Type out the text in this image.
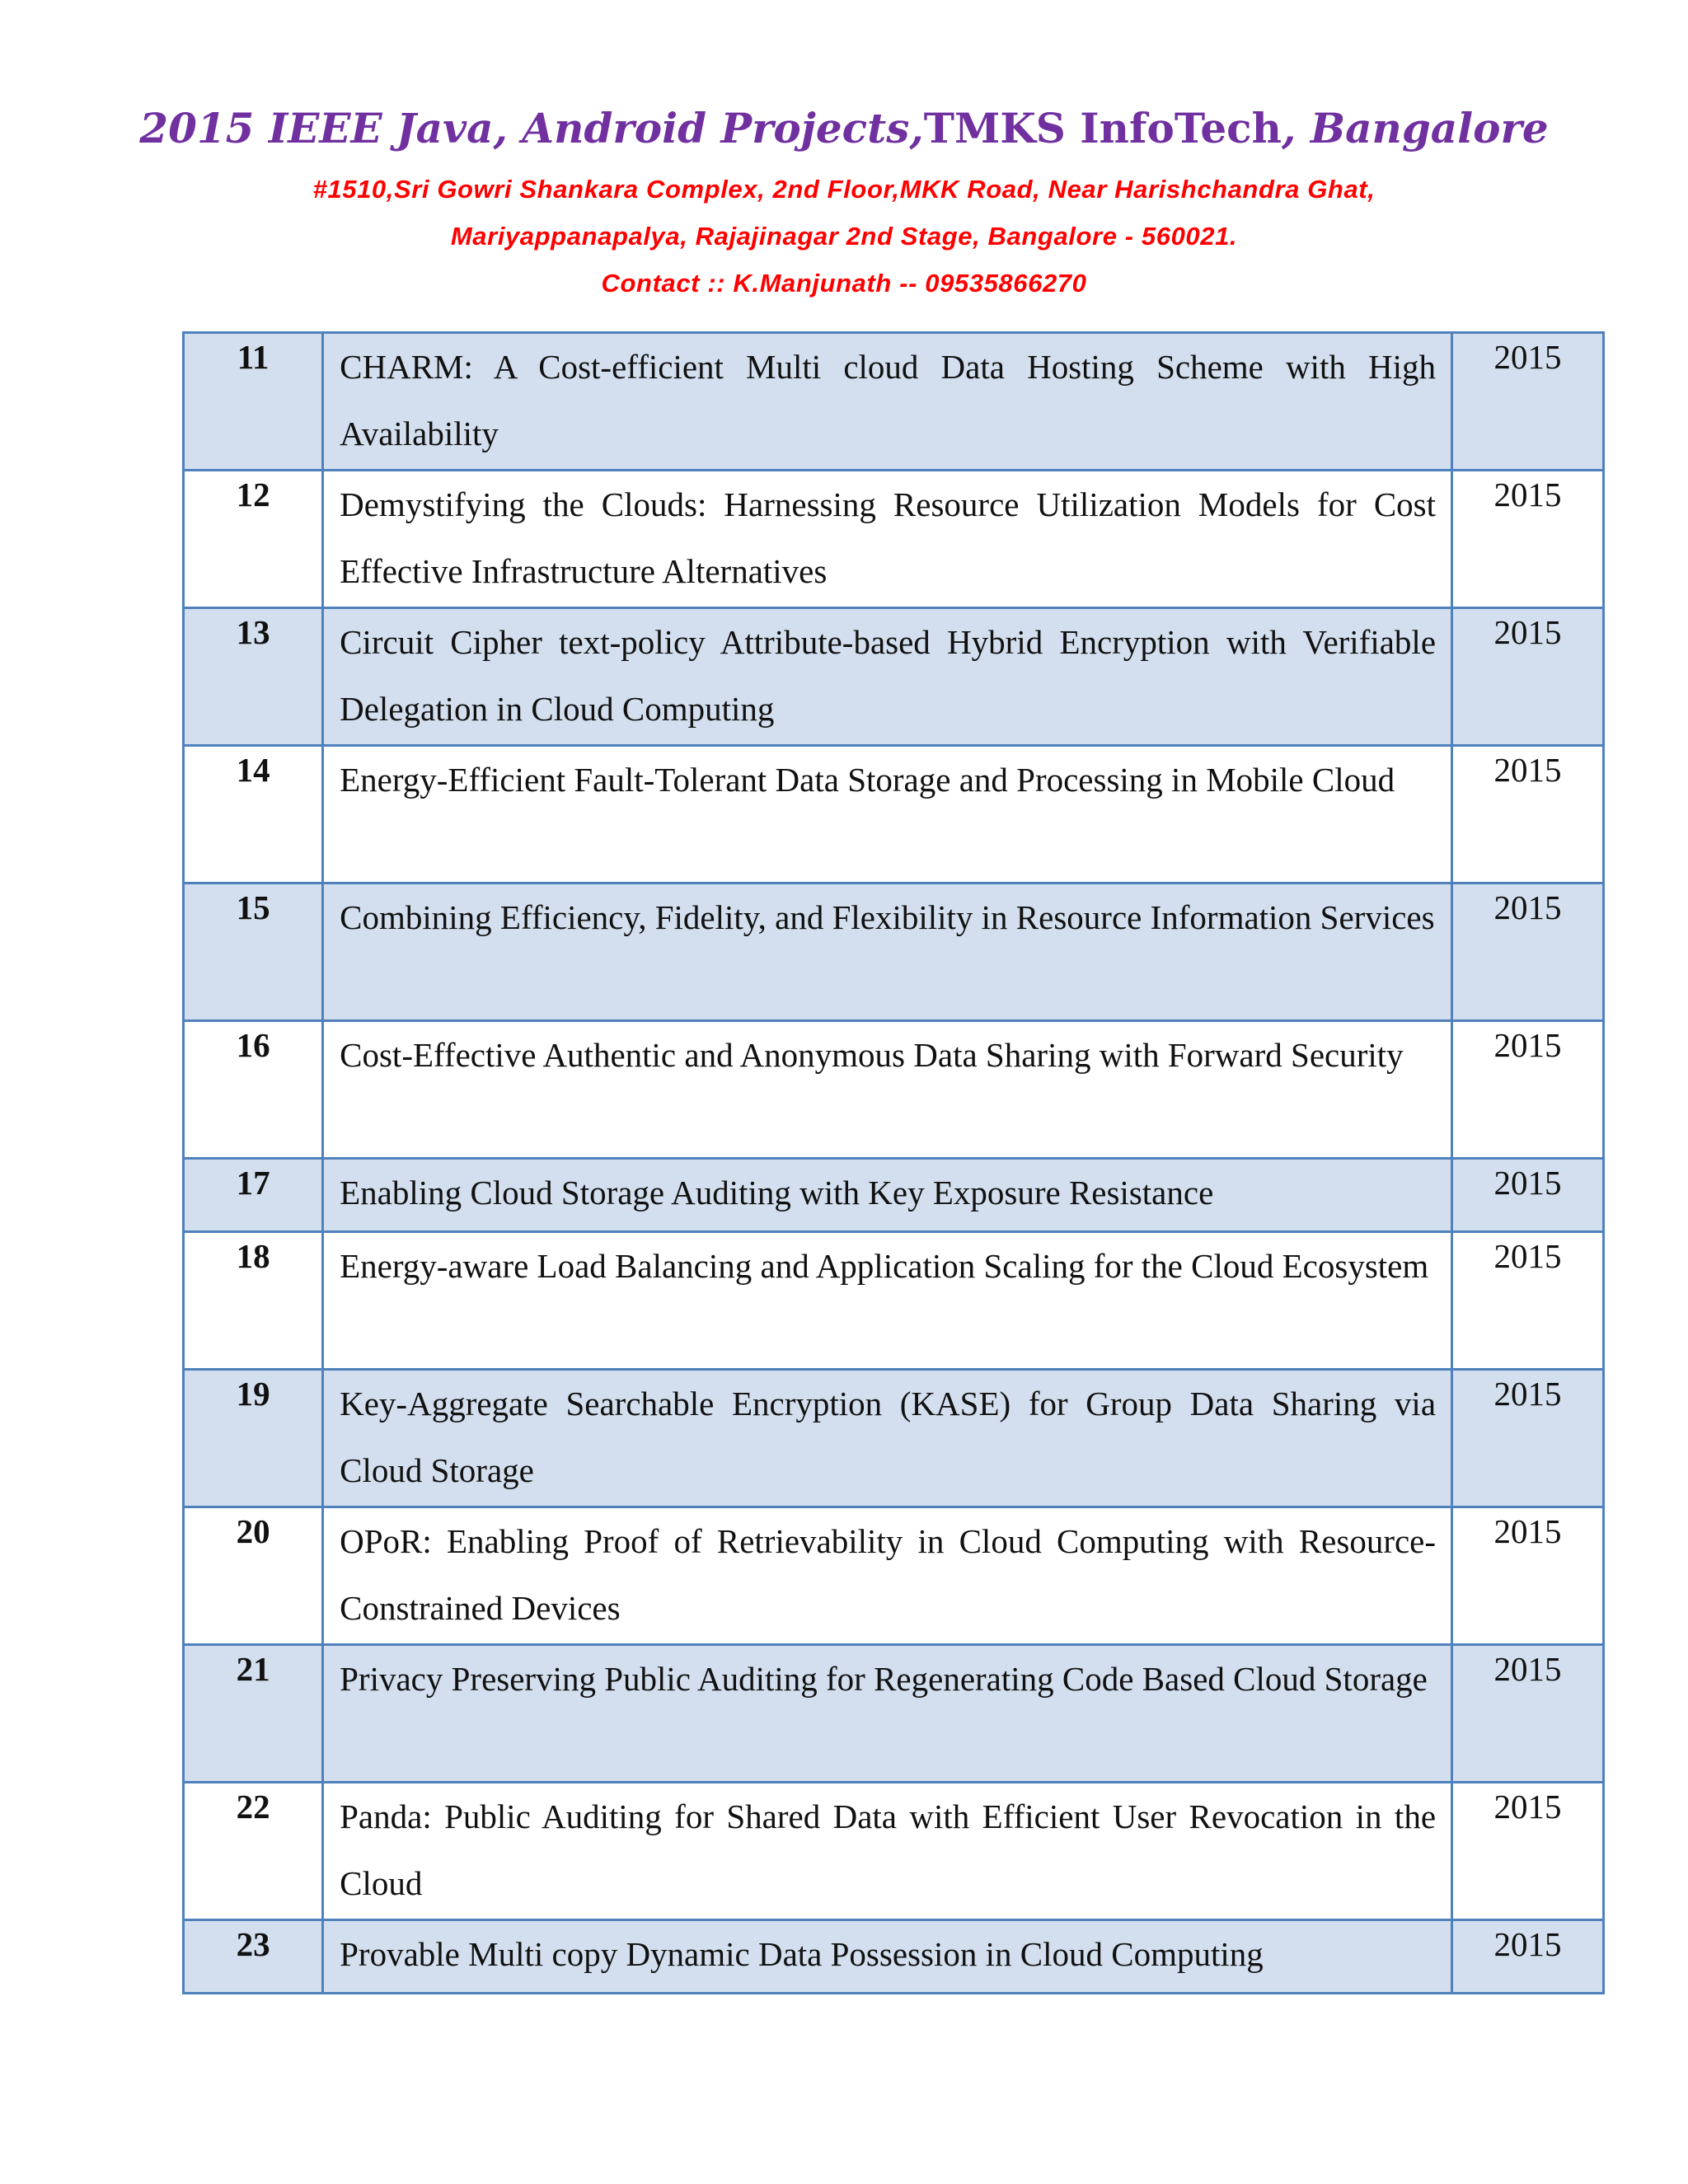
2015 IEEE Java, Android Projects,TMKS InfoTech, Bangalore
#1510,Sri Gowri Shankara Complex, 2nd Floor,MKK Road, Near Harishchandra Ghat,
Mariyappanapalya, Rajajinagar 2nd Stage, Bangalore - 560021.
Contact :: K.Manjunath -- 09535866270
11	CHARM: A Cost-efficient Multi cloud Data Hosting Scheme with High Availability	2015
12	Demystifying the Clouds: Harnessing Resource Utilization Models for Cost Effective Infrastructure Alternatives	2015
13	Circuit Cipher text-policy Attribute-based Hybrid Encryption with Verifiable Delegation in Cloud Computing	2015
14	Energy-Efficient Fault-Tolerant Data Storage and Processing in Mobile Cloud	2015
15	Combining Efficiency, Fidelity, and Flexibility in Resource Information Services	2015
16	Cost-Effective Authentic and Anonymous Data Sharing with Forward Security	2015
17	Enabling Cloud Storage Auditing with Key Exposure Resistance	2015
18	Energy-aware Load Balancing and Application Scaling for the Cloud Ecosystem	2015
19	Key-Aggregate Searchable Encryption (KASE) for Group Data Sharing via Cloud Storage	2015
20	OPoR: Enabling Proof of Retrievability in Cloud Computing with Resource-Constrained Devices	2015
21	Privacy Preserving Public Auditing for Regenerating Code Based Cloud Storage	2015
22	Panda: Public Auditing for Shared Data with Efficient User Revocation in the Cloud	2015
23	Provable Multi copy Dynamic Data Possession in Cloud Computing	2015
